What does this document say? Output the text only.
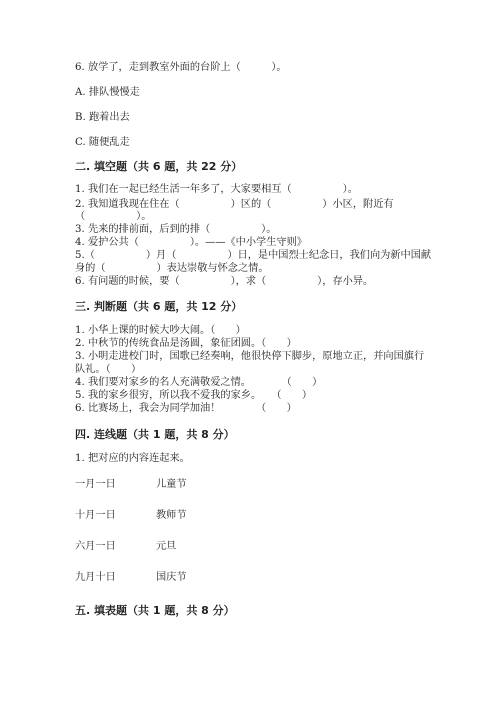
6. 放学了，走到教室外面的台阶上（　　　）。
A. 排队慢慢走
B. 跑着出去
C. 随便乱走
二. 填空题（共 6 题，共 22 分）
1. 我们在一起已经生活一年多了，大家要相互（　　　　　）。
2. 我知道我现在住在（　　　　　）区的（　　　　　）小区，附近有
（　　　　　）。
3. 先来的排前面，后到的排（　　　　　）。
4. 爱护公共（　　　　　）。——《中小学生守则》
5.（　　　　　）月（　　　　　）日，是中国烈士纪念日，我们向为新中国献
身的（　　　　　）表达崇敬与怀念之情。
6. 有问题的时候，要（　　　　　），求（　　　　　），存小异。
三. 判断题（共 6 题，共 12 分）
1. 小华上课的时候大吵大闹。（　　）
2. 中秋节的传统食品是汤圆，象征团圆。（　　）
3. 小明走进校门时，国歌已经奏响，他很快停下脚步，原地立正，并向国旗行
队礼。（　　）
4. 我们要对家乡的名人充满敬爱之情。　　　　（　　）
5. 我的家乡很穷，所以我不爱我的家乡。　　（　　）
6. 比赛场上，我会为同学加油！　　　　（　　）
四. 连线题（共 1 题，共 8 分）
1. 把对应的内容连起来。
一月一日	儿童节
十月一日	教师节
六月一日	元旦
九月十日	国庆节
五. 填表题（共 1 题，共 8 分）
